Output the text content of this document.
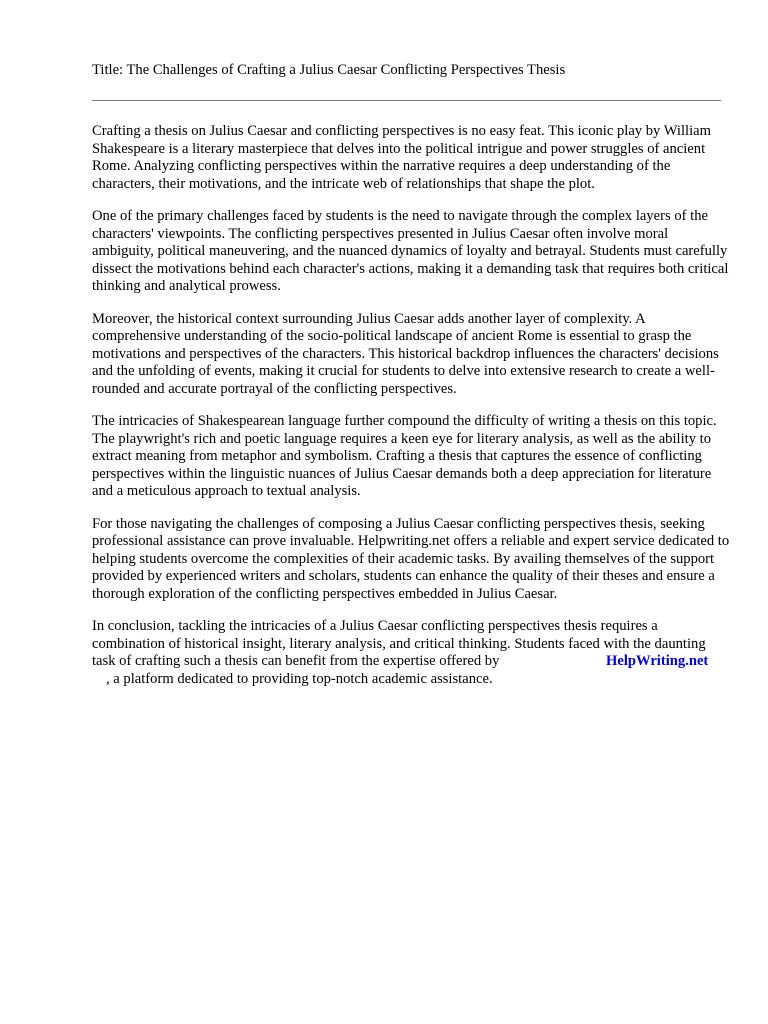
Title: The Challenges of Crafting a Julius Caesar Conflicting Perspectives Thesis

Crafting a thesis on Julius Caesar and conflicting perspectives is no easy feat. This iconic play by William Shakespeare is a literary masterpiece that delves into the political intrigue and power struggles of ancient Rome. Analyzing conflicting perspectives within the narrative requires a deep understanding of the characters, their motivations, and the intricate web of relationships that shape the plot.

One of the primary challenges faced by students is the need to navigate through the complex layers of the characters' viewpoints. The conflicting perspectives presented in Julius Caesar often involve moral ambiguity, political maneuvering, and the nuanced dynamics of loyalty and betrayal. Students must carefully dissect the motivations behind each character's actions, making it a demanding task that requires both critical thinking and analytical prowess.

Moreover, the historical context surrounding Julius Caesar adds another layer of complexity. A comprehensive understanding of the socio-political landscape of ancient Rome is essential to grasp the motivations and perspectives of the characters. This historical backdrop influences the characters' decisions and the unfolding of events, making it crucial for students to delve into extensive research to create a well-rounded and accurate portrayal of the conflicting perspectives.

The intricacies of Shakespearean language further compound the difficulty of writing a thesis on this topic. The playwright's rich and poetic language requires a keen eye for literary analysis, as well as the ability to extract meaning from metaphor and symbolism. Crafting a thesis that captures the essence of conflicting perspectives within the linguistic nuances of Julius Caesar demands both a deep appreciation for literature and a meticulous approach to textual analysis.

For those navigating the challenges of composing a Julius Caesar conflicting perspectives thesis, seeking professional assistance can prove invaluable. Helpwriting.net offers a reliable and expert service dedicated to helping students overcome the complexities of their academic tasks. By availing themselves of the support provided by experienced writers and scholars, students can enhance the quality of their theses and ensure a thorough exploration of the conflicting perspectives embedded in Julius Caesar.

In conclusion, tackling the intricacies of a Julius Caesar conflicting perspectives thesis requires a combination of historical insight, literary analysis, and critical thinking. Students faced with the daunting task of crafting such a thesis can benefit from the expertise offered by	HelpWriting.net
, a platform dedicated to providing top-notch academic assistance.
